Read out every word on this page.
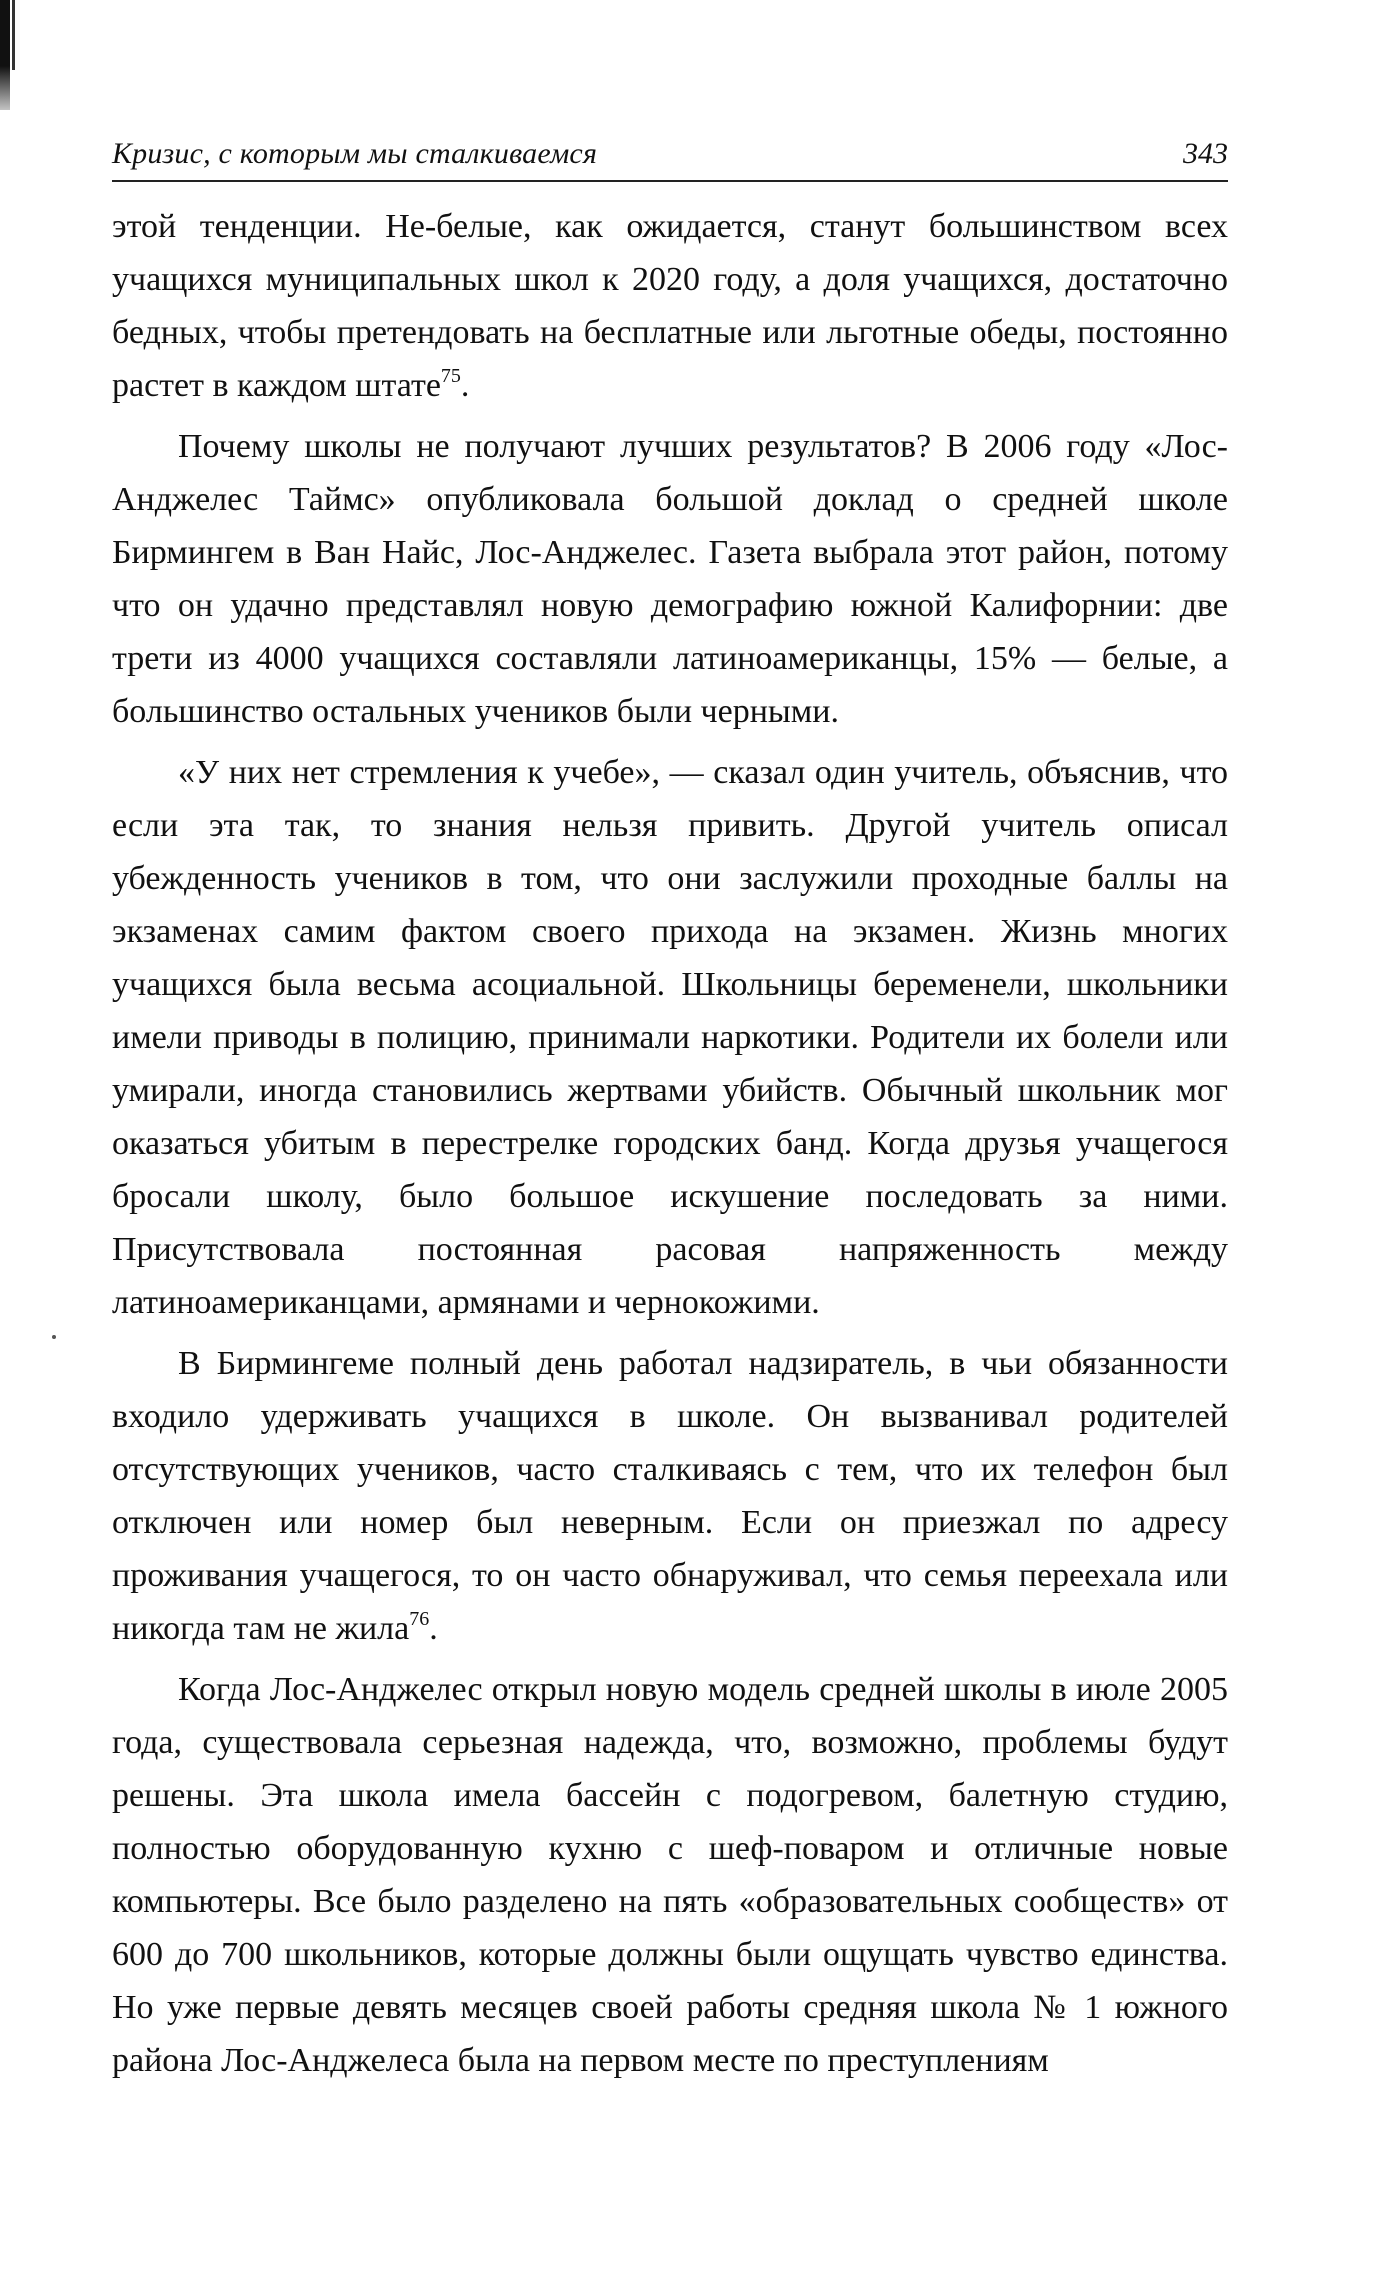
Кризис, с которым мы сталкиваемся	343

этой тенденции. Не-белые, как ожидается, станут большинством всех учащихся муниципальных школ к 2020 году, а доля учащихся, достаточно бедных, чтобы претендовать на бесплатные или льготные обеды, постоянно растет в каждом штате$^{75}$.

Почему школы не получают лучших результатов? В 2006 году «Лос-Анджелес Таймс» опубликовала большой доклад о средней школе Бирмингем в Ван Найс, Лос-Анджелес. Газета выбрала этот район, потому что он удачно представлял новую демографию южной Калифорнии: две трети из 4000 учащихся составляли латиноамериканцы, 15% — белые, а большинство остальных учеников были черными.

«У них нет стремления к учебе», — сказал один учитель, объяснив, что если эта так, то знания нельзя привить. Другой учитель описал убежденность учеников в том, что они заслужили проходные баллы на экзаменах самим фактом своего прихода на экзамен. Жизнь многих учащихся была весьма асоциальной. Школьницы беременели, школьники имели приводы в полицию, принимали наркотики. Родители их болели или умирали, иногда становились жертвами убийств. Обычный школьник мог оказаться убитым в перестрелке городских банд. Когда друзья учащегося бросали школу, было большое искушение последовать за ними. Присутствовала постоянная расовая напряженность между латиноамериканцами, армянами и чернокожими.

В Бирмингеме полный день работал надзиратель, в чьи обязанности входило удерживать учащихся в школе. Он вызванивал родителей отсутствующих учеников, часто сталкиваясь с тем, что их телефон был отключен или номер был неверным. Если он приезжал по адресу проживания учащегося, то он часто обнаруживал, что семья переехала или никогда там не жила$^{76}$.

Когда Лос-Анджелес открыл новую модель средней школы в июле 2005 года, существовала серьезная надежда, что, возможно, проблемы будут решены. Эта школа имела бассейн с подогревом, балетную студию, полностью оборудованную кухню с шеф-поваром и отличные новые компьютеры. Все было разделено на пять «образовательных сообществ» от 600 до 700 школьников, которые должны были ощущать чувство единства. Но уже первые девять месяцев своей работы средняя школа № 1 южного района Лос-Анджелеса была на первом месте по преступлениям
